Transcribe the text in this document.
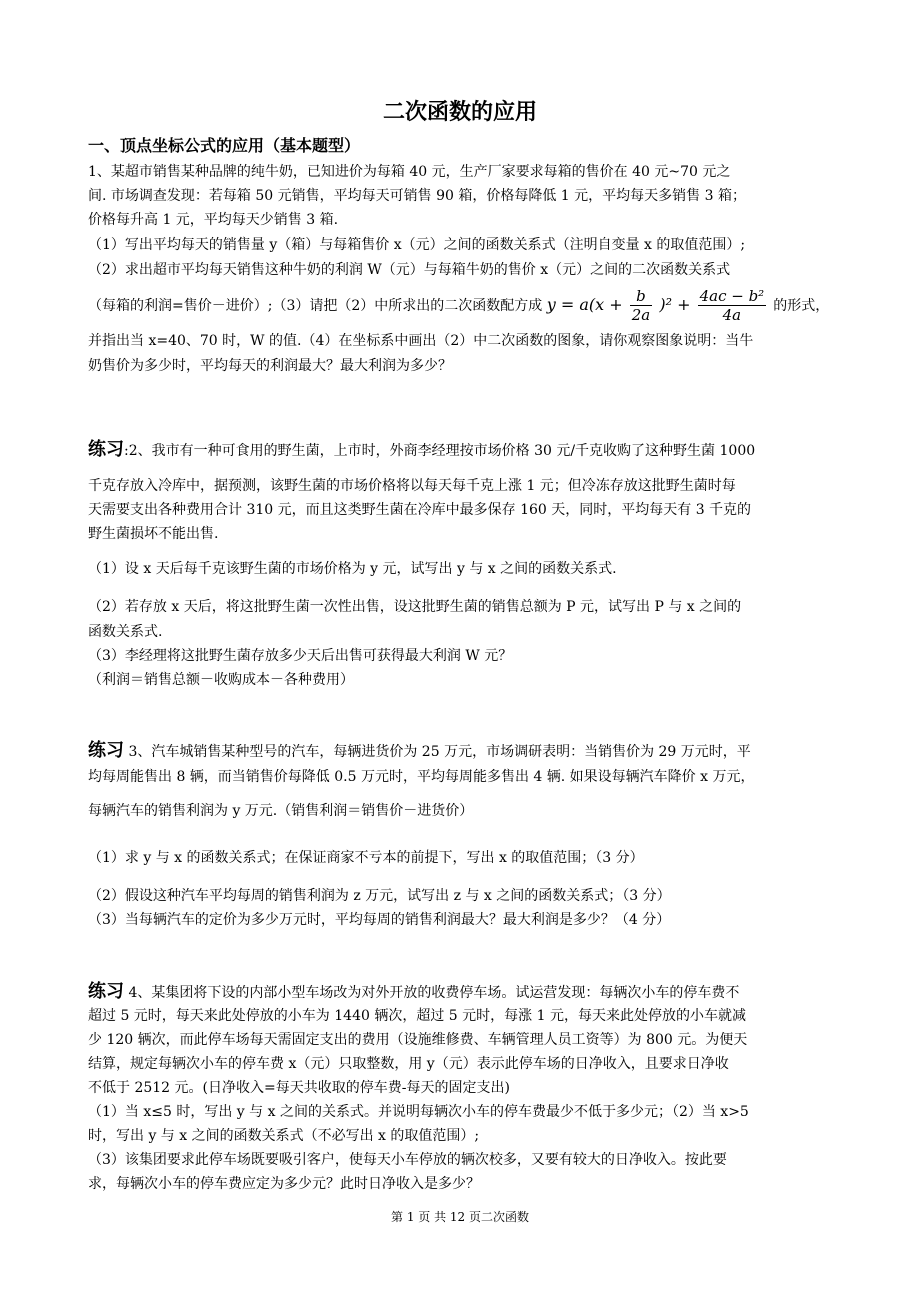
二次函数的应用
一、顶点坐标公式的应用（基本题型）
1、某超市销售某种品牌的纯牛奶，已知进价为每箱 40 元，生产厂家要求每箱的售价在 40 元~70 元之
间. 市场调查发现：若每箱 50 元销售，平均每天可销售 90 箱，价格每降低 1 元，平均每天多销售 3 箱；
价格每升高 1 元，平均每天少销售 3 箱.
（1）写出平均每天的销售量 y（箱）与每箱售价 x（元）之间的函数关系式（注明自变量 x 的取值范围）;
（2）求出超市平均每天销售这种牛奶的利润 W（元）与每箱牛奶的售价 x（元）之间的二次函数关系式
（每箱的利润=售价－进价）;（3）请把（2）中所求出的二次函数配方成 $y = a(x + \frac{b}{2a} )^2 + \frac{\text{4ac − b²}}{4a}$ 的形式，
并指出当 x=40、70 时，W 的值.（4）在坐标系中画出（2）中二次函数的图象，请你观察图象说明：当牛
奶售价为多少时，平均每天的利润最大？最大利润为多少？
练习:2、我市有一种可食用的野生菌，上市时，外商李经理按市场价格 30 元/千克收购了这种野生菌 1000
千克存放入冷库中，据预测，该野生菌的市场价格将以每天每千克上涨 1 元；但冷冻存放这批野生菌时每
天需要支出各种费用合计 310 元，而且这类野生菌在冷库中最多保存 160 天，同时，平均每天有 3 千克的
野生菌损坏不能出售.
（1）设 x 天后每千克该野生菌的市场价格为 y 元，试写出 y 与 x 之间的函数关系式.
（2）若存放 x 天后，将这批野生菌一次性出售，设这批野生菌的销售总额为 P 元，试写出 P 与 x 之间的
函数关系式.
（3）李经理将这批野生菌存放多少天后出售可获得最大利润 W 元？
（利润＝销售总额－收购成本－各种费用）
练习 3、汽车城销售某种型号的汽车，每辆进货价为 25 万元，市场调研表明：当销售价为 29 万元时，平
均每周能售出 8 辆，而当销售价每降低 0.5 万元时，平均每周能多售出 4 辆. 如果设每辆汽车降价 x 万元，
每辆汽车的销售利润为 y 万元.（销售利润＝销售价－进货价）
（1）求 y 与 x 的函数关系式；在保证商家不亏本的前提下，写出 x 的取值范围；（3 分）
（2）假设这种汽车平均每周的销售利润为 z 万元，试写出 z 与 x 之间的函数关系式；（3 分）
（3）当每辆汽车的定价为多少万元时，平均每周的销售利润最大？最大利润是多少？（4 分）
练习 4、某集团将下设的内部小型车场改为对外开放的收费停车场。试运营发现：每辆次小车的停车费不
超过 5 元时，每天来此处停放的小车为 1440 辆次，超过 5 元时，每涨 1 元，每天来此处停放的小车就减
少 120 辆次，而此停车场每天需固定支出的费用（设施维修费、车辆管理人员工资等）为 800 元。为便天
结算，规定每辆次小车的停车费 x（元）只取整数，用 y（元）表示此停车场的日净收入，且要求日净收
不低于 2512 元。(日净收入=每天共收取的停车费-每天的固定支出)
（1）当 x≤5 时，写出 y 与 x 之间的关系式。并说明每辆次小车的停车费最少不低于多少元；（2）当 x>5
时，写出 y 与 x 之间的函数关系式（不必写出 x 的取值范围）;
（3）该集团要求此停车场既要吸引客户，使每天小车停放的辆次校多，又要有较大的日净收入。按此要
求，每辆次小车的停车费应定为多少元？此时日净收入是多少？
第 1 页 共 12 页二次函数
